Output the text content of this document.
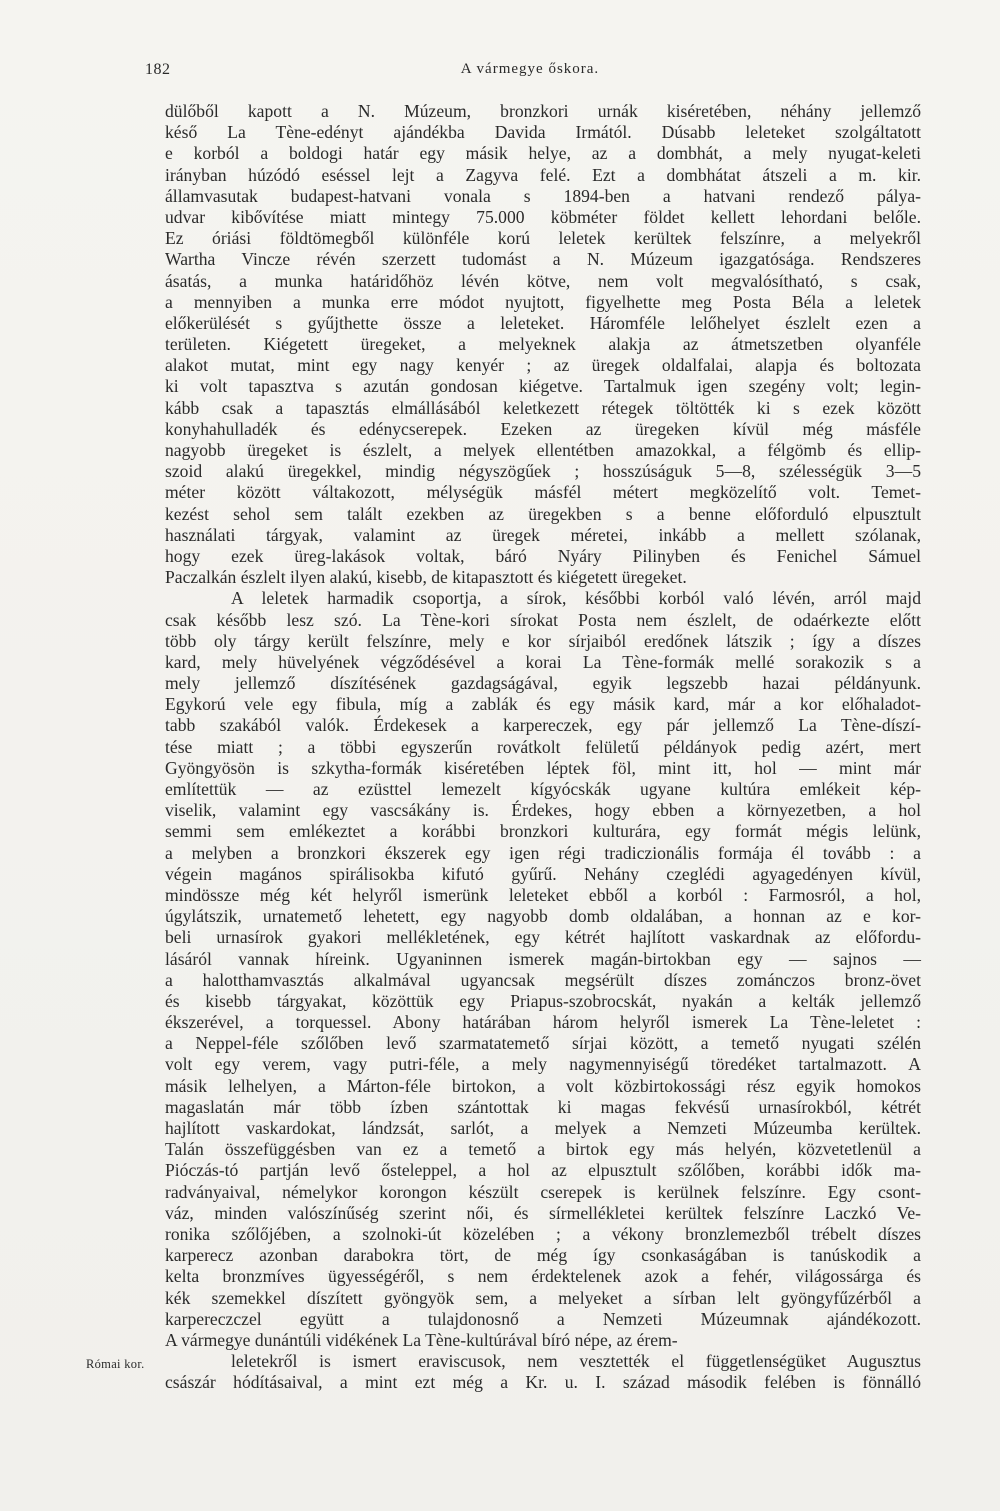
182	A vármegye őskora.
Római kor.
dülőből kapott a N. Múzeum, bronzkori urnák kiséretében, néhány jellemző
késő La Tène-edényt ajándékba Davida Irmától. Dúsabb leleteket szolgáltatott
e korból a boldogi határ egy másik helye, az a dombhát, a mely nyugat-keleti
irányban húzódó eséssel lejt a Zagyva felé. Ezt a dombhátat átszeli a m. kir.
államvasutak budapest-hatvani vonala s 1894-ben a hatvani rendező pálya-
udvar kibővítése miatt mintegy 75.000 köbméter földet kellett lehordani belőle.
Ez óriási földtömegből különféle korú leletek kerültek felszínre, a melyekről
Wartha Vincze révén szerzett tudomást a N. Múzeum igazgatósága. Rendszeres
ásatás, a munka határidőhöz lévén kötve, nem volt megvalósítható, s csak,
a mennyiben a munka erre módot nyujtott, figyelhette meg Posta Béla a leletek
előkerülését s gyűjthette össze a leleteket. Háromféle lelőhelyet észlelt ezen a
területen. Kiégetett üregeket, a melyeknek alakja az átmetszetben olyanféle
alakot mutat, mint egy nagy kenyér ; az üregek oldalfalai, alapja és boltozata
ki volt tapasztva s azután gondosan kiégetve. Tartalmuk igen szegény volt; legin-
kább csak a tapasztás elmállásából keletkezett rétegek töltötték ki s ezek között
konyhahulladék és edénycserepek. Ezeken az üregeken kívül még másféle
nagyobb üregeket is észlelt, a melyek ellentétben amazokkal, a félgömb és ellip-
szoid alakú üregekkel, mindig négyszögűek ; hosszúságuk 5—8, szélességük 3—5
méter között váltakozott, mélységük másfél métert megközelítő volt. Temet-
kezést sehol sem talált ezekben az üregekben s a benne előforduló elpusztult
használati tárgyak, valamint az üregek méretei, inkább a mellett szólanak,
hogy ezek üreg-lakások voltak, báró Nyáry Pilinyben és Fenichel Sámuel
Paczalkán észlelt ilyen alakú, kisebb, de kitapasztott és kiégetett üregeket.
A leletek harmadik csoportja, a sírok, későbbi korból való lévén, arról majd
csak később lesz szó. La Tène-kori sírokat Posta nem észlelt, de odaérkezte előtt
több oly tárgy került felszínre, mely e kor sírjaiból eredőnek látszik ; így a díszes
kard, mely hüvelyének végződésével a korai La Tène-formák mellé sorakozik s a
mely jellemző díszítésének gazdagságával, egyik legszebb hazai példányunk.
Egykorú vele egy fibula, míg a zablák és egy másik kard, már a kor előhaladot-
tabb szakából valók. Érdekesek a karpereczek, egy pár jellemző La Tène-díszí-
tése miatt ; a többi egyszerűn rovátkolt felületű példányok pedig azért, mert
Gyöngyösön is szkytha-formák kiséretében léptek föl, mint itt, hol — mint már
említettük — az ezüsttel lemezelt kígyócskák ugyane kultúra emlékeit kép-
viselik, valamint egy vascsákány is. Érdekes, hogy ebben a környezetben, a hol
semmi sem emlékeztet a korábbi bronzkori kulturára, egy formát mégis lelünk,
a melyben a bronzkori ékszerek egy igen régi tradiczionális formája él tovább : a
végein magános spirálisokba kifutó gyűrű. Nehány czeglédi agyagedényen kívül,
mindössze még két helyről ismerünk leleteket ebből a korból : Farmosról, a hol,
úgylátszik, urnatemető lehetett, egy nagyobb domb oldalában, a honnan az e kor-
beli urnasírok gyakori mellékletének, egy kétrét hajlított vaskardnak az előfordu-
lásáról vannak híreink. Ugyaninnen ismerek magán-birtokban egy — sajnos —
a halotthamvasztás alkalmával ugyancsak megsérült díszes zománczos bronz-övet
és kisebb tárgyakat, közöttük egy Priapus-szobrocskát, nyakán a kelták jellemző
ékszerével, a torquessel. Abony határában három helyről ismerek La Tène-leletet :
a Neppel-féle szőlőben levő szarmatatemető sírjai között, a temető nyugati szélén
volt egy verem, vagy putri-féle, a mely nagymennyiségű töredéket tartalmazott. A
másik lelhelyen, a Márton-féle birtokon, a volt közbirtokossági rész egyik homokos
magaslatán már több ízben szántottak ki magas fekvésű urnasírokból, kétrét
hajlított vaskardokat, lándzsát, sarlót, a melyek a Nemzeti Múzeumba kerültek.
Talán összefüggésben van ez a temető a birtok egy más helyén, közvetetlenül a
Pióczás-tó partján levő ősteleppel, a hol az elpusztult szőlőben, korábbi idők ma-
radványaival, némelykor korongon készült cserepek is kerülnek felszínre. Egy csont-
váz, minden valószínűség szerint női, és sírmellékletei kerültek felszínre Laczkó Ve-
ronika szőlőjében, a szolnoki-út közelében ; a vékony bronzlemezből trébelt díszes
karperecz azonban darabokra tört, de még így csonkaságában is tanúskodik a
kelta bronzmíves ügyességéről, s nem érdektelenek azok a fehér, világossárga és
kék szemekkel díszített gyöngyök sem, a melyeket a sírban lelt gyöngyfűzérből a
karpereczczel együtt a tulajdonosnő a Nemzeti Múzeumnak ajándékozott.
A vármegye dunántúli vidékének La Tène-kultúrával bíró népe, az érem-
leletekről is ismert eraviscusok, nem vesztették el függetlenségüket Augusztus
császár hódításaival, a mint ezt még a Kr. u. I. század második felében is fönnálló
